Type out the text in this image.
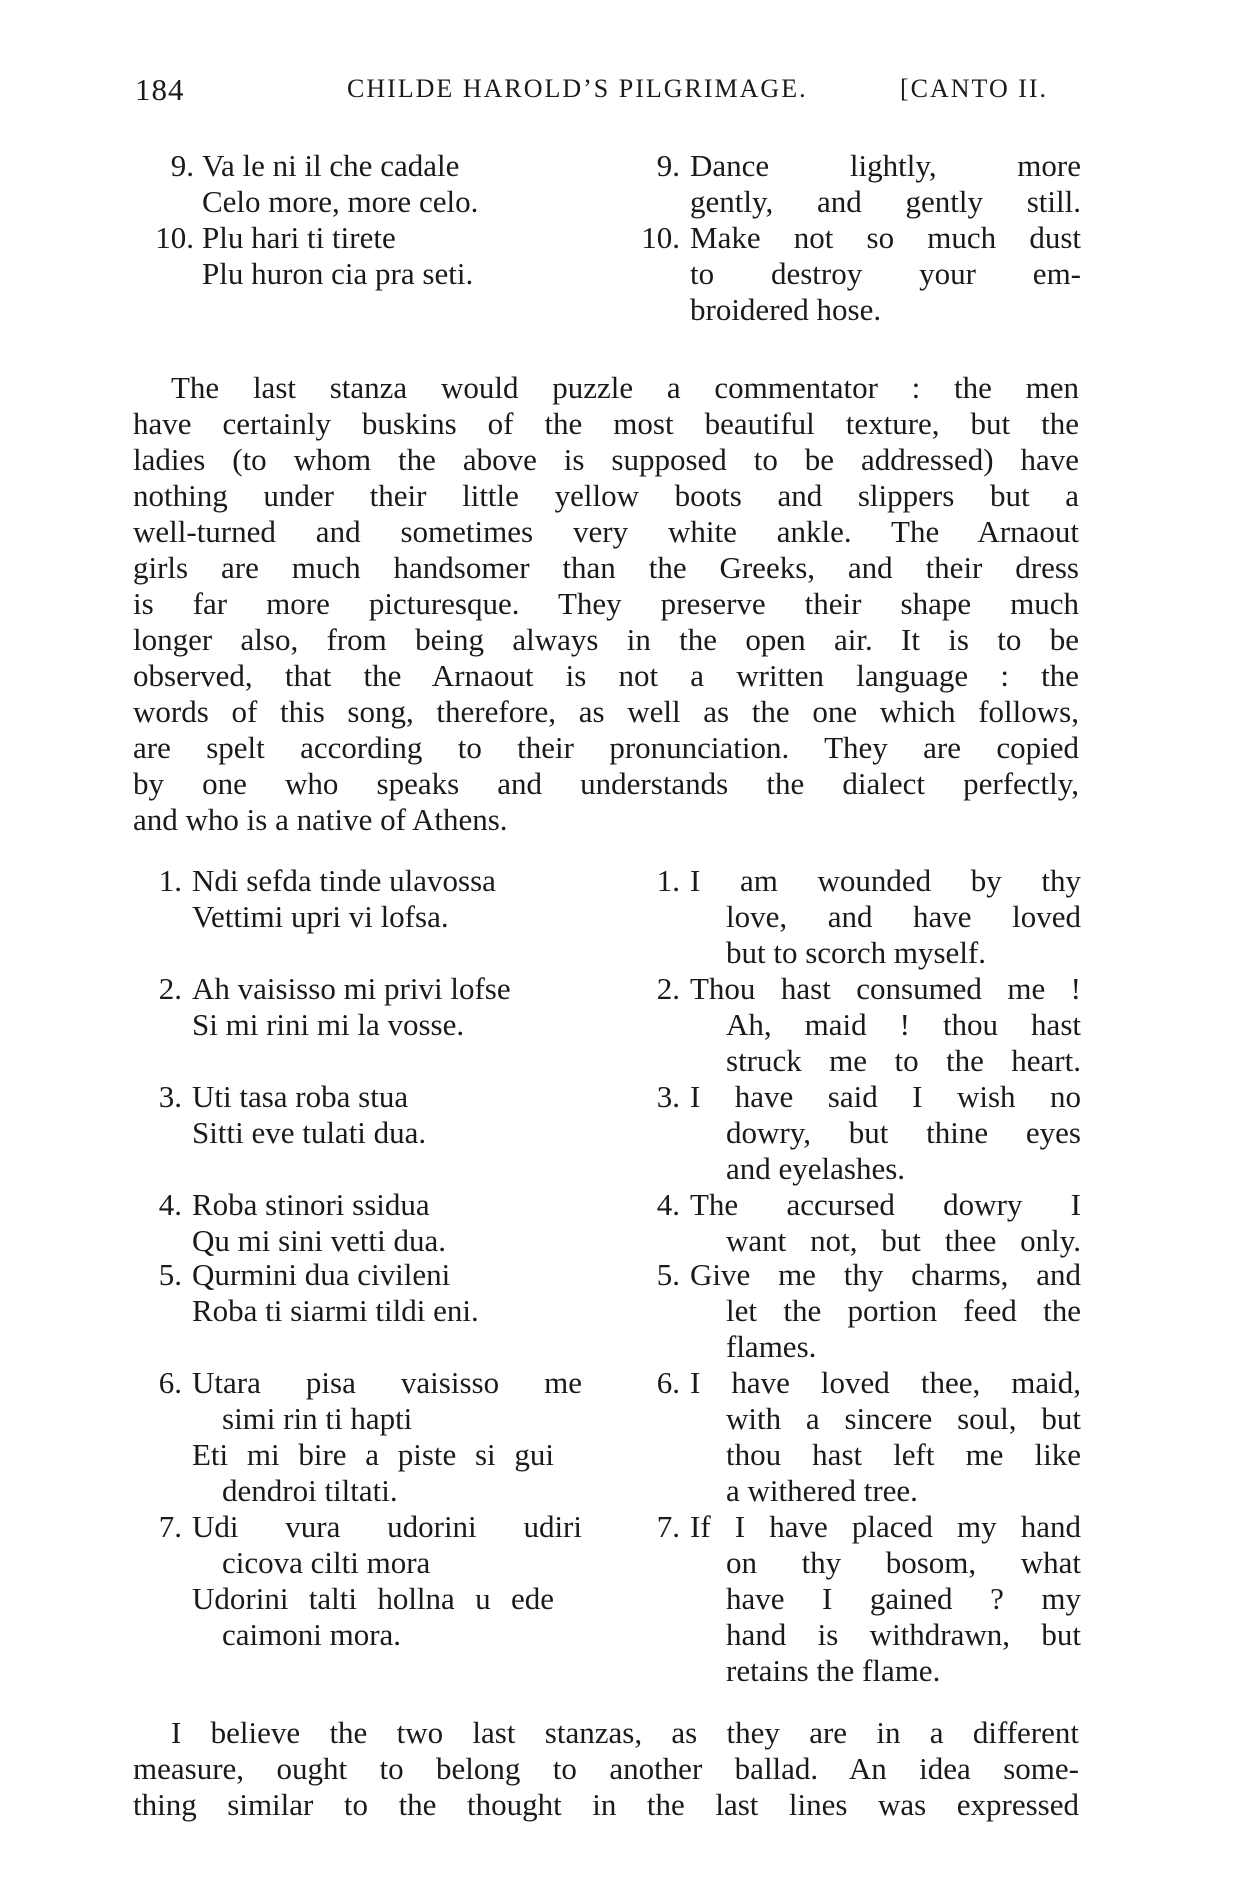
184	CHILDE HAROLD’S PILGRIMAGE.	[CANTO II.
9. Va le ni il che cadale
Celo more, more celo.
10. Plu hari ti tirete
Plu huron cia pra seti.
9. Dance lightly, more
gently, and gently still.
10. Make not so much dust
to destroy your em-
broidered hose.
The last stanza would puzzle a commentator : the men
have certainly buskins of the most beautiful texture, but the
ladies (to whom the above is supposed to be addressed) have
nothing under their little yellow boots and slippers but a
well-turned and sometimes very white ankle. The Arnaout
girls are much handsomer than the Greeks, and their dress
is far more picturesque. They preserve their shape much
longer also, from being always in the open air. It is to be
observed, that the Arnaout is not a written language : the
words of this song, therefore, as well as the one which follows,
are spelt according to their pronunciation. They are copied
by one who speaks and understands the dialect perfectly,
and who is a native of Athens.
1. Ndi sefda tinde ulavossa
Vettimi upri vi lofsa.
2. Ah vaisisso mi privi lofse
Si mi rini mi la vosse.
3. Uti tasa roba stua
Sitti eve tulati dua.
4. Roba stinori ssidua
Qu mi sini vetti dua.
5. Qurmini dua civileni
Roba ti siarmi tildi eni.
6. Utara pisa vaisisso me
simi rin ti hapti
Eti mi bire a piste si gui
dendroi tiltati.
7. Udi vura udorini udiri
cicova cilti mora
Udorini talti hollna u ede
caimoni mora.
1. I am wounded by thy
love, and have loved
but to scorch myself.
2. Thou hast consumed me !
Ah, maid ! thou hast
struck me to the heart.
3. I have said I wish no
dowry, but thine eyes
and eyelashes.
4. The accursed dowry I
want not, but thee only.
5. Give me thy charms, and
let the portion feed the
flames.
6. I have loved thee, maid,
with a sincere soul, but
thou hast left me like
a withered tree.
7. If I have placed my hand
on thy bosom, what
have I gained ? my
hand is withdrawn, but
retains the flame.
I believe the two last stanzas, as they are in a different
measure, ought to belong to another ballad. An idea some-
thing similar to the thought in the last lines was expressed
